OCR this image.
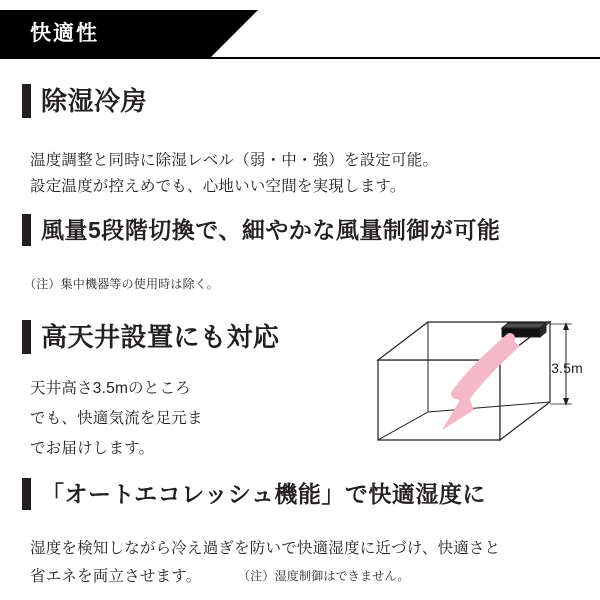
快適性
除湿冷房
温度調整と同時に除湿レベル（弱・中・強）を設定可能。
設定温度が控えめでも、心地いい空間を実現します。
風量5段階切換で、細やかな風量制御が可能
（注）集中機器等の使用時は除く。
高天井設置にも対応
天井高さ3.5mのところ
でも、快適気流を足元ま
でお届けします。
3.5m
「オートエコレッシュ機能」で快適湿度に
湿度を検知しながら冷え過ぎを防いで快適湿度に近づけ、快適さと
省エネを両立させます。	（注）湿度制御はできません。
